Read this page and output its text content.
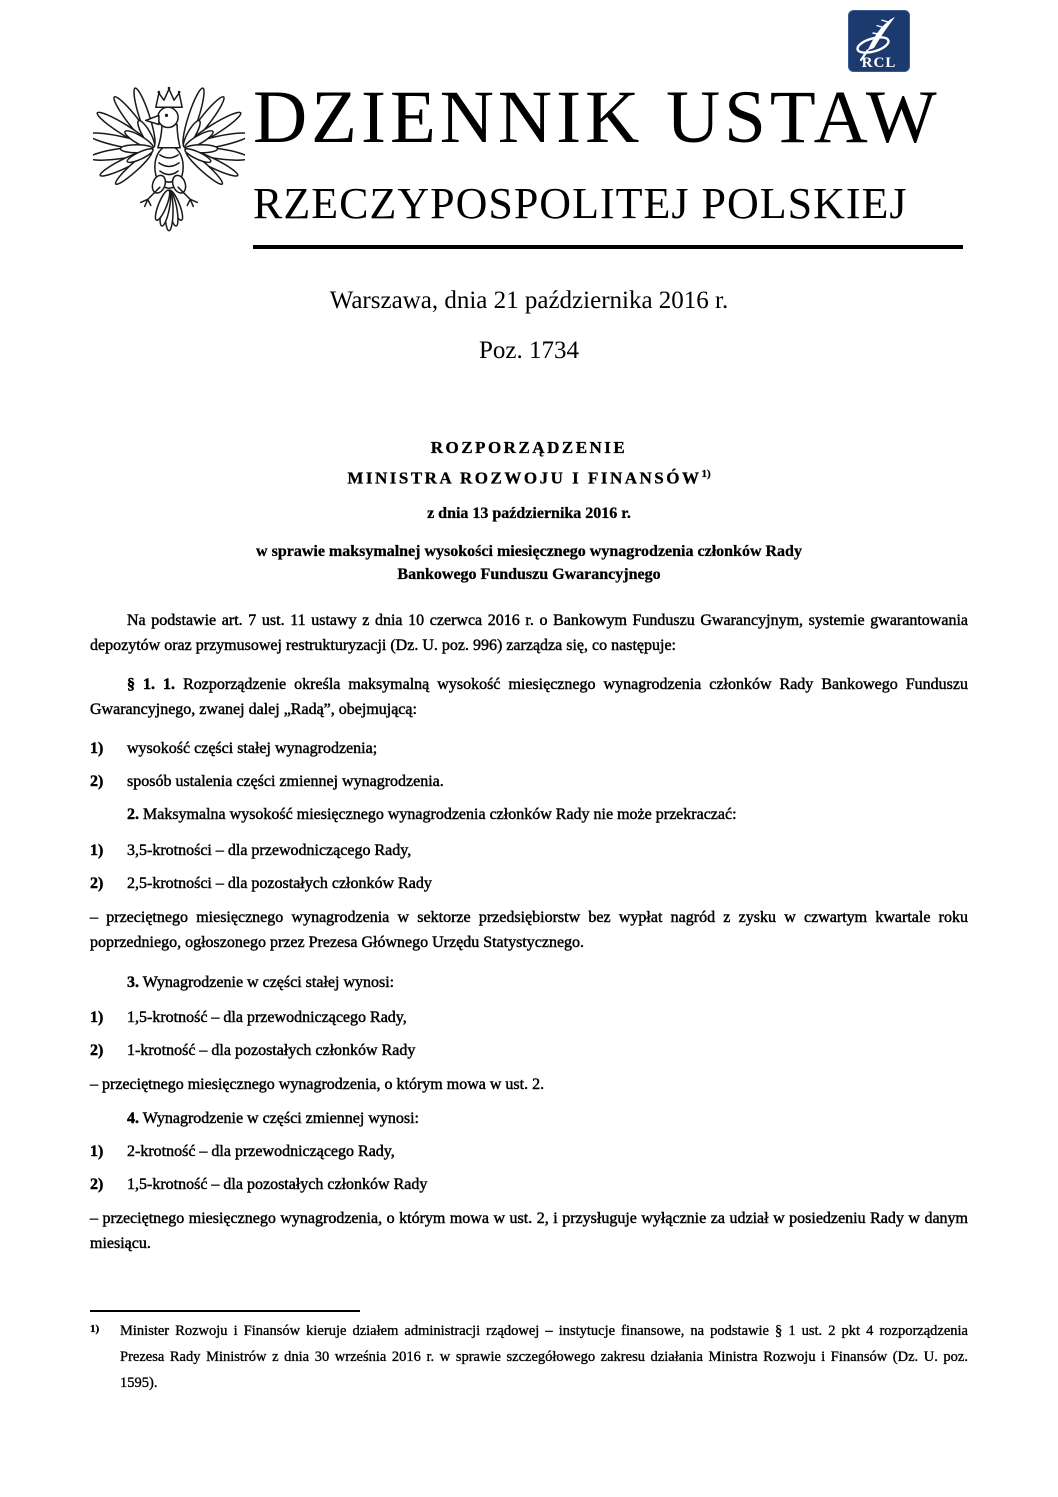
RCL
DZIENNIK USTAW
RZECZYPOSPOLITEJ POLSKIEJ
Warszawa, dnia 21 października 2016 r.
Poz. 1734
ROZPORZĄDZENIE
MINISTRA ROZWOJU I FINANSÓW$^{1)}$
z dnia 13 października 2016 r.
w sprawie maksymalnej wysokości miesięcznego wynagrodzenia członków Rady
Bankowego Funduszu Gwarancyjnego

Na podstawie art. 7 ust. 11 ustawy z dnia 10 czerwca 2016 r. o Bankowym Funduszu Gwarancyjnym, systemie gwarantowania depozytów oraz przymusowej restrukturyzacji (Dz. U. poz. 996) zarządza się, co następuje:

§ 1. 1. Rozporządzenie określa maksymalną wysokość miesięcznego wynagrodzenia członków Rady Bankowego Funduszu Gwarancyjnego, zwanej dalej „Radą”, obejmującą:

1) wysokość części stałej wynagrodzenia;
2) sposób ustalenia części zmiennej wynagrodzenia.

2. Maksymalna wysokość miesięcznego wynagrodzenia członków Rady nie może przekraczać:

1) 3,5-krotności – dla przewodniczącego Rady,
2) 2,5-krotności – dla pozostałych członków Rady

– przeciętnego miesięcznego wynagrodzenia w sektorze przedsiębiorstw bez wypłat nagród z zysku w czwartym kwartale roku poprzedniego, ogłoszonego przez Prezesa Głównego Urzędu Statystycznego.

3. Wynagrodzenie w części stałej wynosi:

1) 1,5-krotność – dla przewodniczącego Rady,
2) 1-krotność – dla pozostałych członków Rady

– przeciętnego miesięcznego wynagrodzenia, o którym mowa w ust. 2.

4. Wynagrodzenie w części zmiennej wynosi:

1) 2-krotność – dla przewodniczącego Rady,
2) 1,5-krotność – dla pozostałych członków Rady

– przeciętnego miesięcznego wynagrodzenia, o którym mowa w ust. 2, i przysługuje wyłącznie za udział w posiedzeniu Rady w danym miesiącu.

1) Minister Rozwoju i Finansów kieruje działem administracji rządowej – instytucje finansowe, na podstawie § 1 ust. 2 pkt 4 rozporządzenia Prezesa Rady Ministrów z dnia 30 września 2016 r. w sprawie szczegółowego zakresu działania Ministra Rozwoju i Finansów (Dz. U. poz. 1595).
